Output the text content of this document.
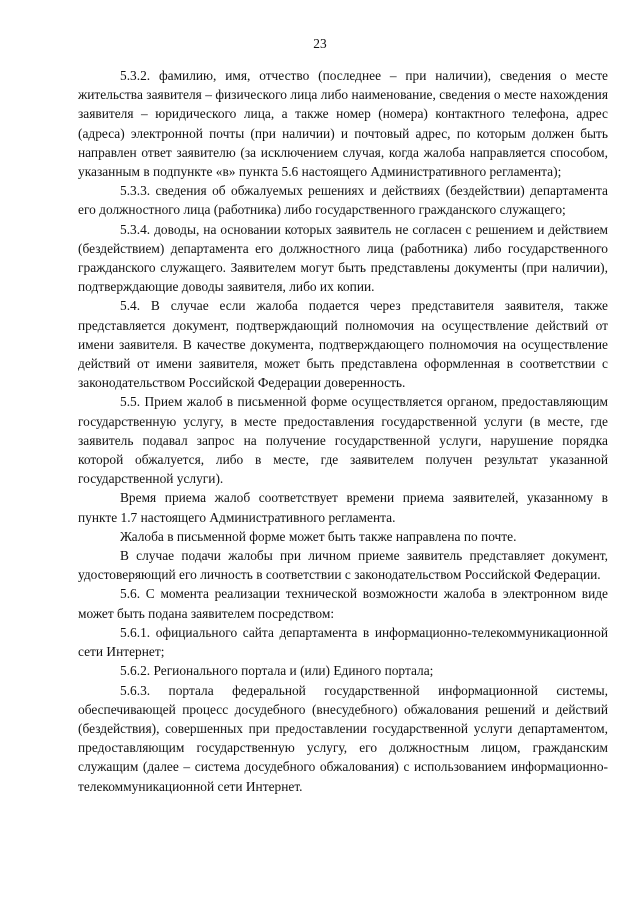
23

5.3.2. фамилию, имя, отчество (последнее – при наличии), сведения о месте жительства заявителя – физического лица либо наименование, сведения о месте нахождения заявителя – юридического лица, а также номер (номера) контактного телефона, адрес (адреса) электронной почты (при наличии) и почтовый адрес, по которым должен быть направлен ответ заявителю (за исключением случая, когда жалоба направляется способом, указанным в подпункте «в» пункта 5.6 настоящего Административного регламента);

5.3.3. сведения об обжалуемых решениях и действиях (бездействии) департамента его должностного лица (работника) либо государственного гражданского служащего;

5.3.4. доводы, на основании которых заявитель не согласен с решением и действием (бездействием) департамента его должностного лица (работника) либо государственного гражданского служащего. Заявителем могут быть представлены документы (при наличии), подтверждающие доводы заявителя, либо их копии.

5.4. В случае если жалоба подается через представителя заявителя, также представляется документ, подтверждающий полномочия на осуществление действий от имени заявителя. В качестве документа, подтверждающего полномочия на осуществление действий от имени заявителя, может быть представлена оформленная в соответствии с законодательством Российской Федерации доверенность.

5.5. Прием жалоб в письменной форме осуществляется органом, предоставляющим государственную услугу, в месте предоставления государственной услуги (в месте, где заявитель подавал запрос на получение государственной услуги, нарушение порядка которой обжалуется, либо в месте, где заявителем получен результат указанной государственной услуги).

Время приема жалоб соответствует времени приема заявителей, указанному в пункте 1.7 настоящего Административного регламента.

Жалоба в письменной форме может быть также направлена по почте.

В случае подачи жалобы при личном приеме заявитель представляет документ, удостоверяющий его личность в соответствии с законодательством Российской Федерации.

5.6. С момента реализации технической возможности жалоба в электронном виде может быть подана заявителем посредством:

5.6.1. официального сайта департамента в информационно-телекоммуникационной сети Интернет;

5.6.2. Регионального портала и (или) Единого портала;

5.6.3. портала федеральной государственной информационной системы, обеспечивающей процесс досудебного (внесудебного) обжалования решений и действий (бездействия), совершенных при предоставлении государственной услуги департаментом, предоставляющим государственную услугу, его должностным лицом, гражданским служащим (далее – система досудебного обжалования) с использованием информационно-телекоммуникационной сети Интернет.
